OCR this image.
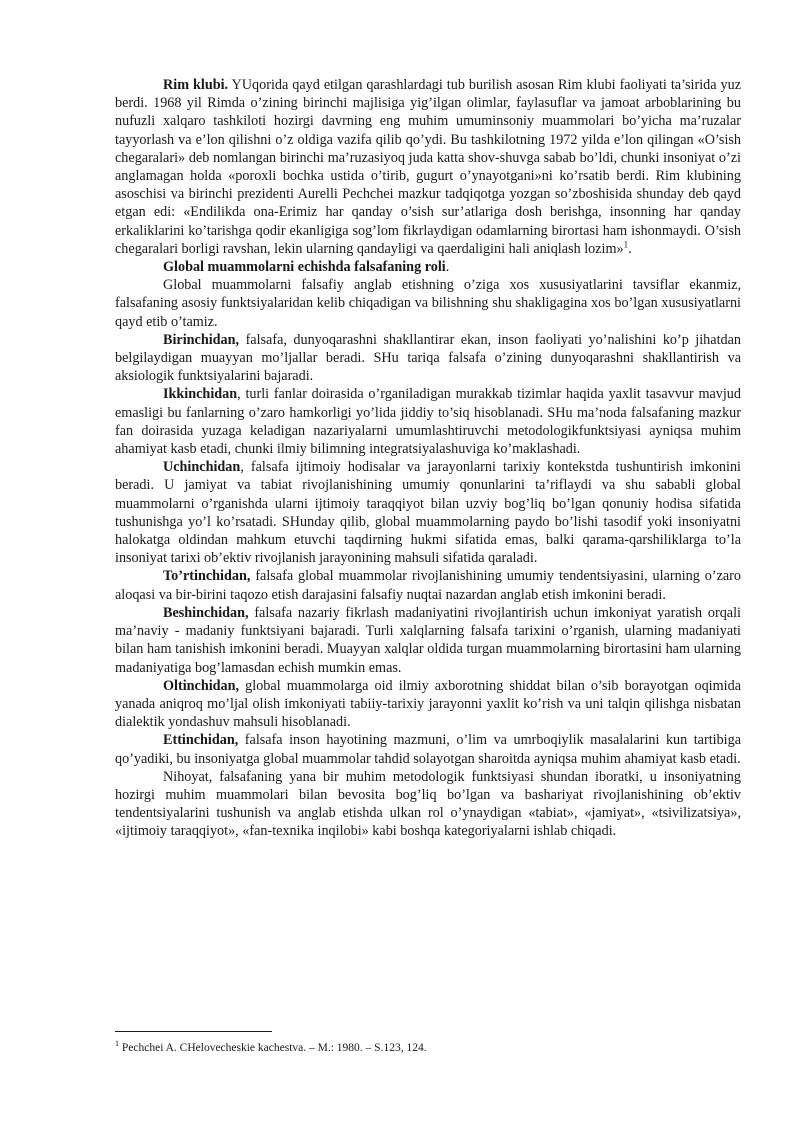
Rim klubi. YUqorida qayd etilgan qarashlardagi tub burilish asosan Rim klubi faoliyati ta’sirida yuz berdi. 1968 yil Rimda o’zining birinchi majlisiga yig’ilgan olimlar, faylasuflar va jamoat arboblarining bu nufuzli xalqaro tashkiloti hozirgi davrning eng muhim umuminsoniy muammolari bo’yicha ma’ruzalar tayyorlash va e’lon qilishni o’z oldiga vazifa qilib qo’ydi. Bu tashkilotning 1972 yilda e’lon qilingan «O’sish chegaralari» deb nomlangan birinchi ma’ruzasiyoq juda katta shov-shuvga sabab bo’ldi, chunki insoniyat o’zi anglamagan holda «poroxli bochka ustida o’tirib, gugurt o’ynayotgani»ni ko’rsatib berdi. Rim klubining asoschisi va birinchi prezidenti Aurelli Pechchei mazkur tadqiqotga yozgan so’zboshisida shunday deb qayd etgan edi: «Endilikda ona-Erimiz har qanday o’sish sur’atlariga dosh berishga, insonning har qanday erkaliklarini ko’tarishga qodir ekanligiga sog’lom fikrlaydigan odamlarning birortasi ham ishonmaydi. O’sish chegaralari borligi ravshan, lekin ularning qandayligi va qaerdaligini hali aniqlash lozim»$^1$.

Global muammolarni echishda falsafaning roli.

Global muammolarni falsafiy anglab etishning o’ziga xos xususiyatlarini tavsiflar ekanmiz, falsafaning asosiy funktsiyalaridan kelib chiqadigan va bilishning shu shakligagina xos bo’lgan xususiyatlarni qayd etib o’tamiz.

Birinchidan, falsafa, dunyoqarashni shakllantirar ekan, inson faoliyati yo’nalishini ko’p jihatdan belgilaydigan muayyan mo’ljallar beradi. SHu tariqa falsafa o’zining dunyoqarashni shakllantirish va aksiologik funktsiyalarini bajaradi.

Ikkinchidan, turli fanlar doirasida o’rganiladigan murakkab tizimlar haqida yaxlit tasavvur mavjud emasligi bu fanlarning o’zaro hamkorligi yo’lida jiddiy to’siq hisoblanadi. SHu ma’noda falsafaning mazkur fan doirasida yuzaga keladigan nazariyalarni umumlashtiruvchi metodologikfunktsiyasi ayniqsa muhim ahamiyat kasb etadi, chunki ilmiy bilimning integratsiyalashuviga ko’maklashadi.

Uchinchidan, falsafa ijtimoiy hodisalar va jarayonlarni tarixiy kontekstda tushuntirish imkonini beradi. U jamiyat va tabiat rivojlanishining umumiy qonunlarini ta’riflaydi va shu sababli global muammolarni o’rganishda ularni ijtimoiy taraqqiyot bilan uzviy bog’liq bo’lgan qonuniy hodisa sifatida tushunishga yo’l ko’rsatadi. SHunday qilib, global muammolarning paydo bo’lishi tasodif yoki insoniyatni halokatga oldindan mahkum etuvchi taqdirning hukmi sifatida emas, balki qarama-qarshiliklarga to’la insoniyat tarixi ob’ektiv rivojlanish jarayonining mahsuli sifatida qaraladi.

To’rtinchidan, falsafa global muammolar rivojlanishining umumiy tendentsiyasini, ularning o’zaro aloqasi va bir-birini taqozo etish darajasini falsafiy nuqtai nazardan anglab etish imkonini beradi.

Beshinchidan, falsafa nazariy fikrlash madaniyatini rivojlantirish uchun imkoniyat yaratish orqali ma’naviy - madaniy funktsiyani bajaradi. Turli xalqlarning falsafa tarixini o’rganish, ularning madaniyati bilan ham tanishish imkonini beradi. Muayyan xalqlar oldida turgan muammolarning birortasini ham ularning madaniyatiga bog’lamasdan echish mumkin emas.

Oltinchidan, global muammolarga oid ilmiy axborotning shiddat bilan o’sib borayotgan oqimida yanada aniqroq mo’ljal olish imkoniyati tabiiy-tarixiy jarayonni yaxlit ko’rish va uni talqin qilishga nisbatan dialektik yondashuv mahsuli hisoblanadi.

Ettinchidan, falsafa inson hayotining mazmuni, o’lim va umrboqiylik masalalarini kun tartibiga qo’yadiki, bu insoniyatga global muammolar tahdid solayotgan sharoitda ayniqsa muhim ahamiyat kasb etadi.

Nihoyat, falsafaning yana bir muhim metodologik funktsiyasi shundan iboratki, u insoniyatning hozirgi muhim muammolari bilan bevosita bog’liq bo’lgan va bashariyat rivojlanishining ob’ektiv tendentsiyalarini tushunish va anglab etishda ulkan rol o’ynaydigan «tabiat», «jamiyat», «tsivilizatsiya», «ijtimoiy taraqqiyot», «fan-texnika inqilobi» kabi boshqa kategoriyalarni ishlab chiqadi.

$^1$ Pechchei A. CHelovecheskie kachestva. – M.: 1980. – S.123, 124.
